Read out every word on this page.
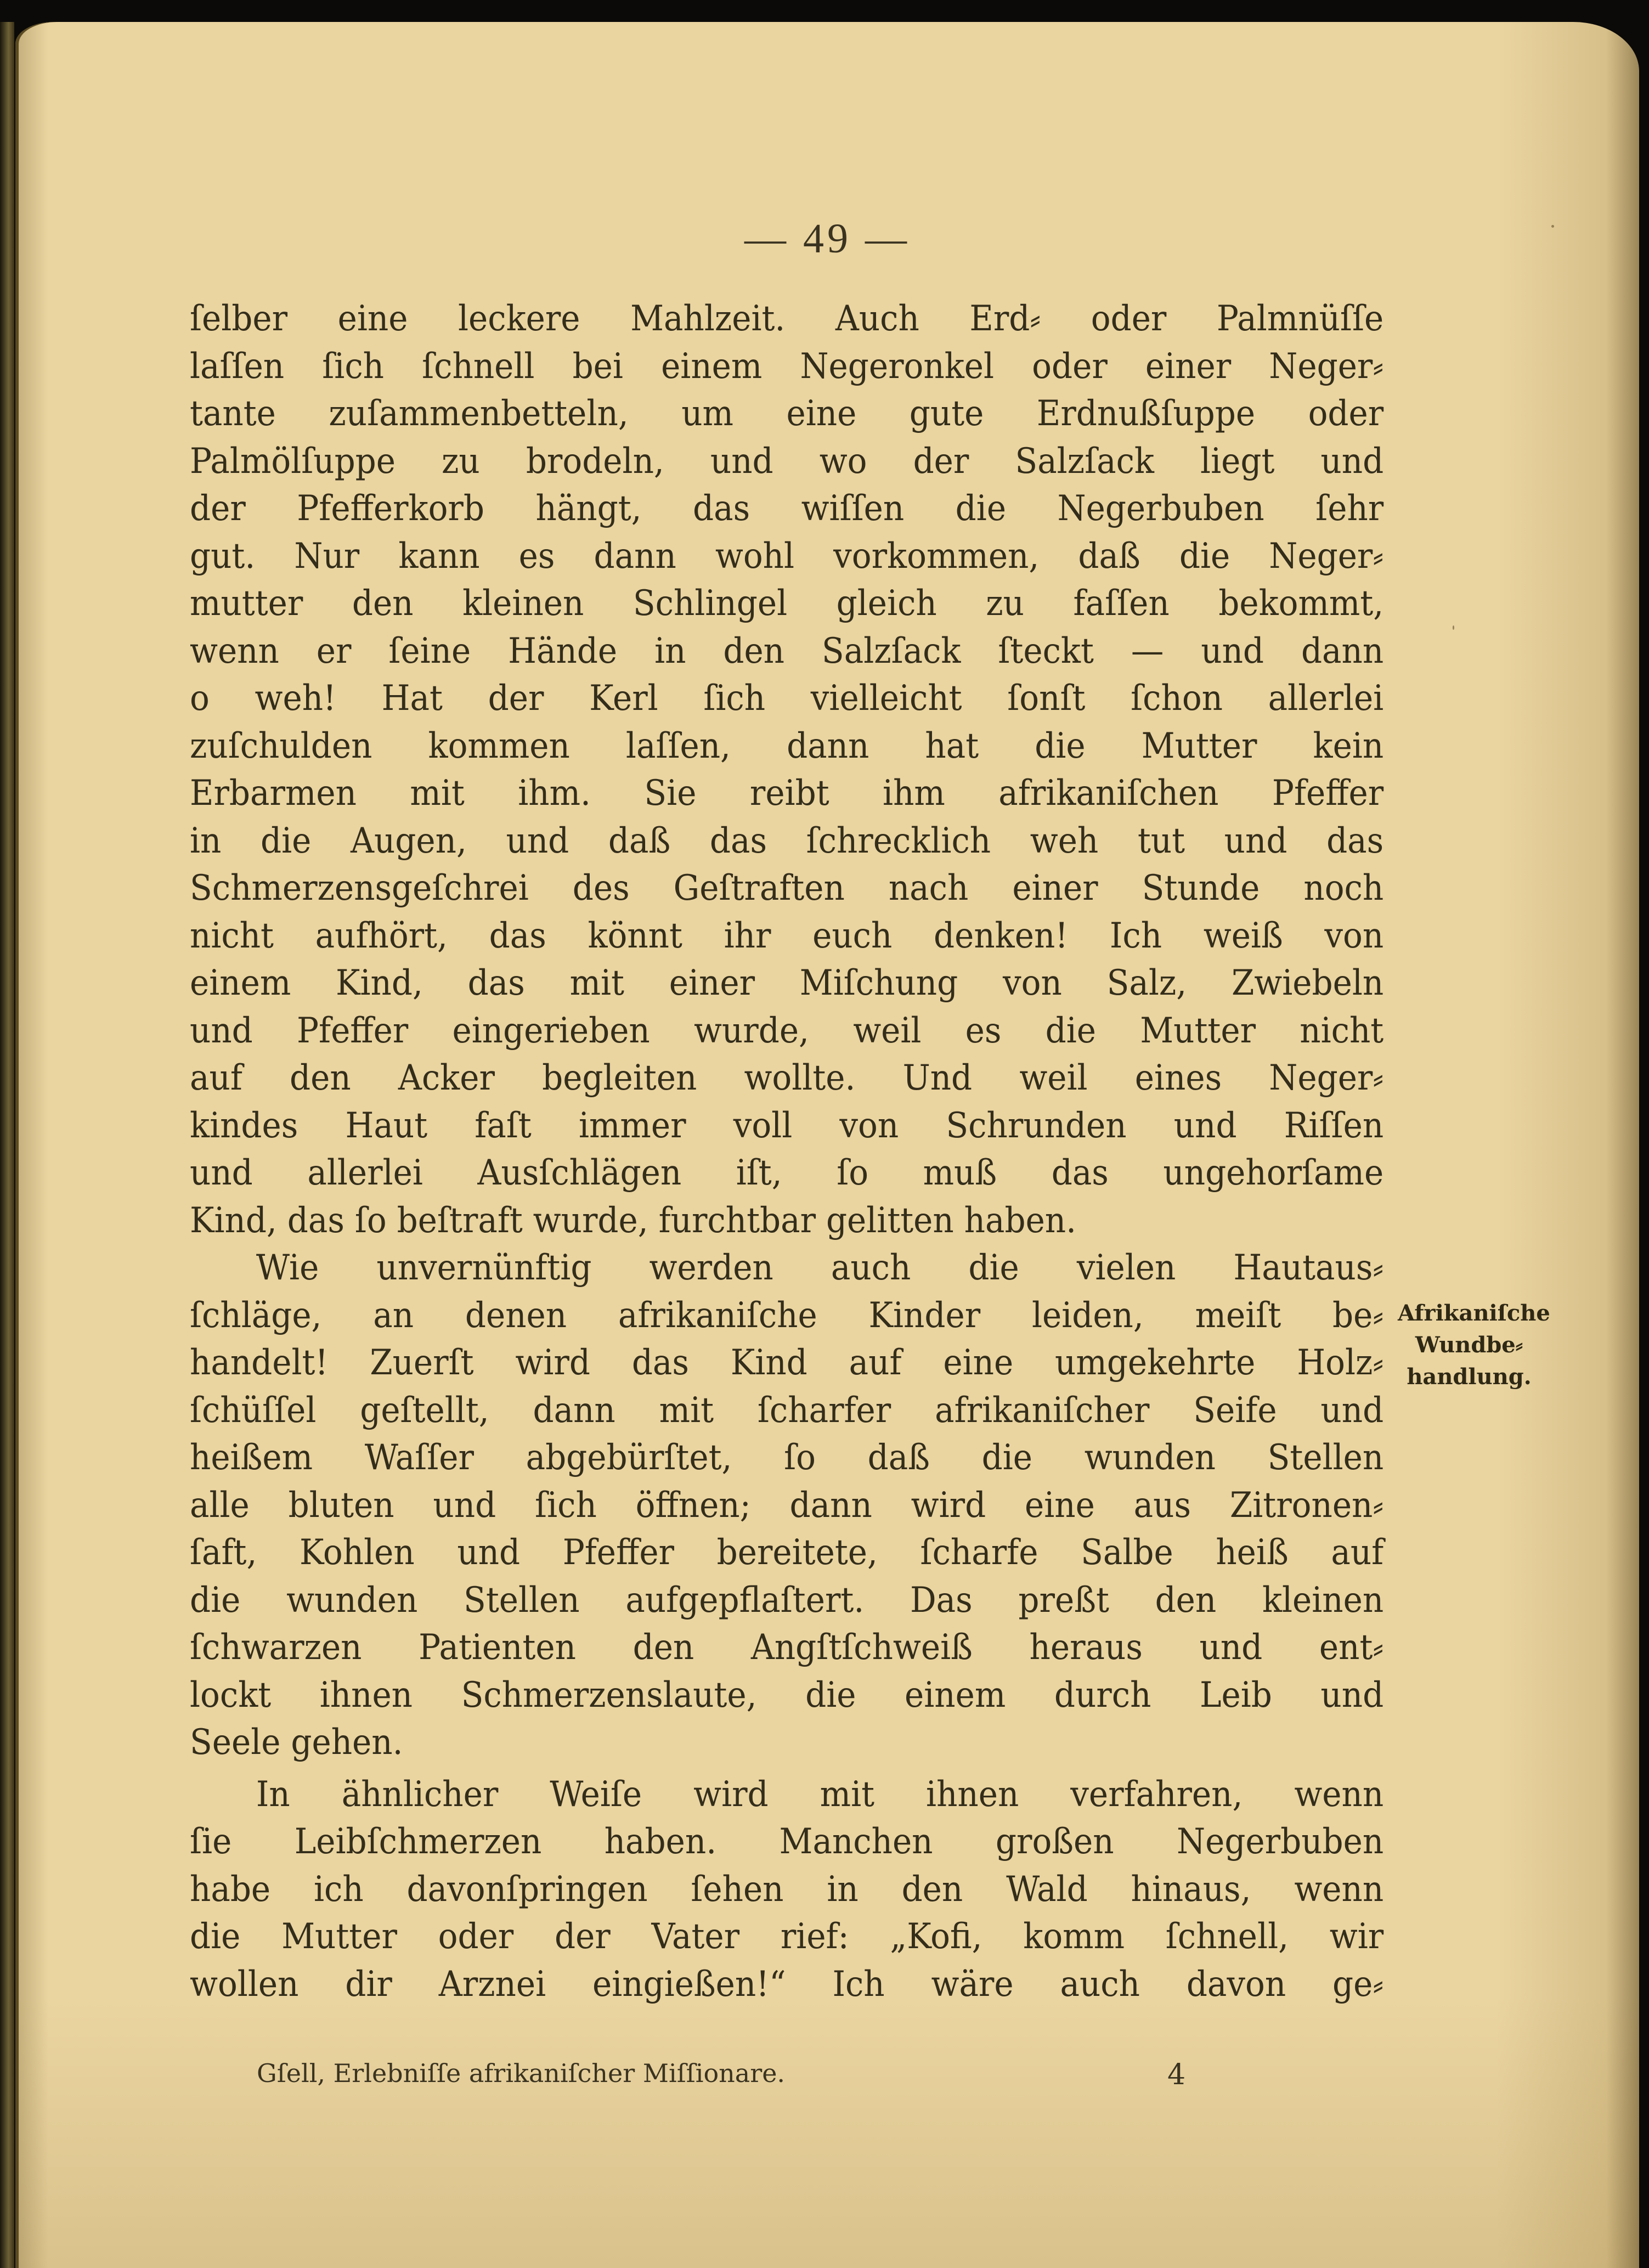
— 49 —
ſelber eine leckere Mahlzeit. Auch Erd⸗ oder Palmnüſſe
laſſen ſich ſchnell bei einem Negeronkel oder einer Neger⸗
tante zuſammenbetteln, um eine gute Erdnußſuppe oder
Palmölſuppe zu brodeln, und wo der Salzſack liegt und
der Pfefferkorb hängt, das wiſſen die Negerbuben ſehr
gut. Nur kann es dann wohl vorkommen, daß die Neger⸗
mutter den kleinen Schlingel gleich zu faſſen bekommt,
wenn er ſeine Hände in den Salzſack ſteckt — und dann
o weh! Hat der Kerl ſich vielleicht ſonſt ſchon allerlei
zuſchulden kommen laſſen, dann hat die Mutter kein
Erbarmen mit ihm. Sie reibt ihm afrikaniſchen Pfeffer
in die Augen, und daß das ſchrecklich weh tut und das
Schmerzensgeſchrei des Geſtraften nach einer Stunde noch
nicht aufhört, das könnt ihr euch denken! Ich weiß von
einem Kind, das mit einer Miſchung von Salz, Zwiebeln
und Pfeffer eingerieben wurde, weil es die Mutter nicht
auf den Acker begleiten wollte. Und weil eines Neger⸗
kindes Haut faſt immer voll von Schrunden und Riſſen
und allerlei Ausſchlägen iſt, ſo muß das ungehorſame
Kind, das ſo beſtraft wurde, furchtbar gelitten haben.
Wie unvernünftig werden auch die vielen Hautaus⸗
ſchläge, an denen afrikaniſche Kinder leiden, meiſt be⸗
handelt! Zuerſt wird das Kind auf eine umgekehrte Holz⸗
ſchüſſel geſtellt, dann mit ſcharfer afrikaniſcher Seife und
heißem Waſſer abgebürſtet, ſo daß die wunden Stellen
alle bluten und ſich öffnen; dann wird eine aus Zitronen⸗
ſaft, Kohlen und Pfeffer bereitete, ſcharfe Salbe heiß auf
die wunden Stellen aufgepflaſtert. Das preßt den kleinen
ſchwarzen Patienten den Angſtſchweiß heraus und ent⸗
lockt ihnen Schmerzenslaute, die einem durch Leib und
Seele gehen.
In ähnlicher Weiſe wird mit ihnen verfahren, wenn
ſie Leibſchmerzen haben. Manchen großen Negerbuben
habe ich davonſpringen ſehen in den Wald hinaus, wenn
die Mutter oder der Vater rief: „Kofi, komm ſchnell, wir
wollen dir Arznei eingießen!“ Ich wäre auch davon ge⸗
Afrikaniſche
Wundbe⸗
handlung.
Gſell, Erlebniſſe afrikaniſcher Miſſionare.	4
